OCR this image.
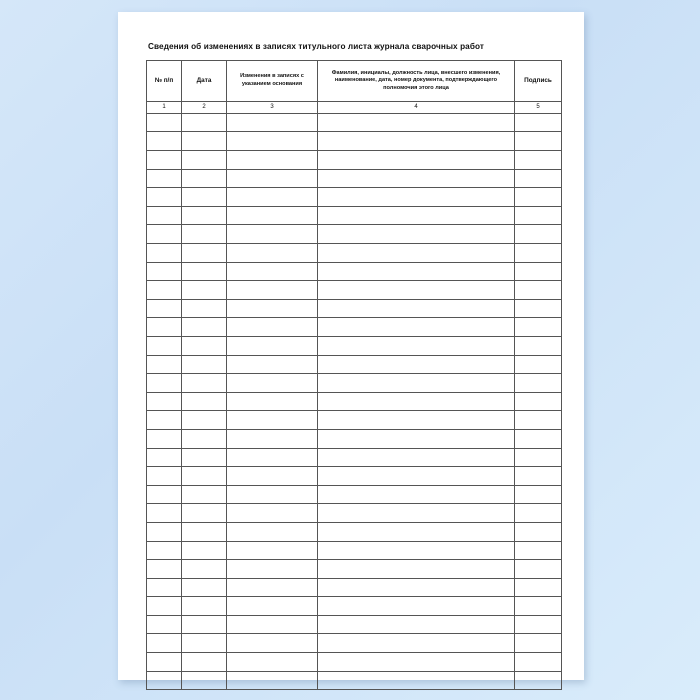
Сведения об изменениях в записях титульного листа журнала сварочных работ
№ п/п	Дата	Изменения в записях с указанием основания	Фамилия, инициалы, должность лица, внесшего изменения, наименование, дата, номер документа, подтверждающего полномочия этого лица	Подпись
1	2	3	4	5
